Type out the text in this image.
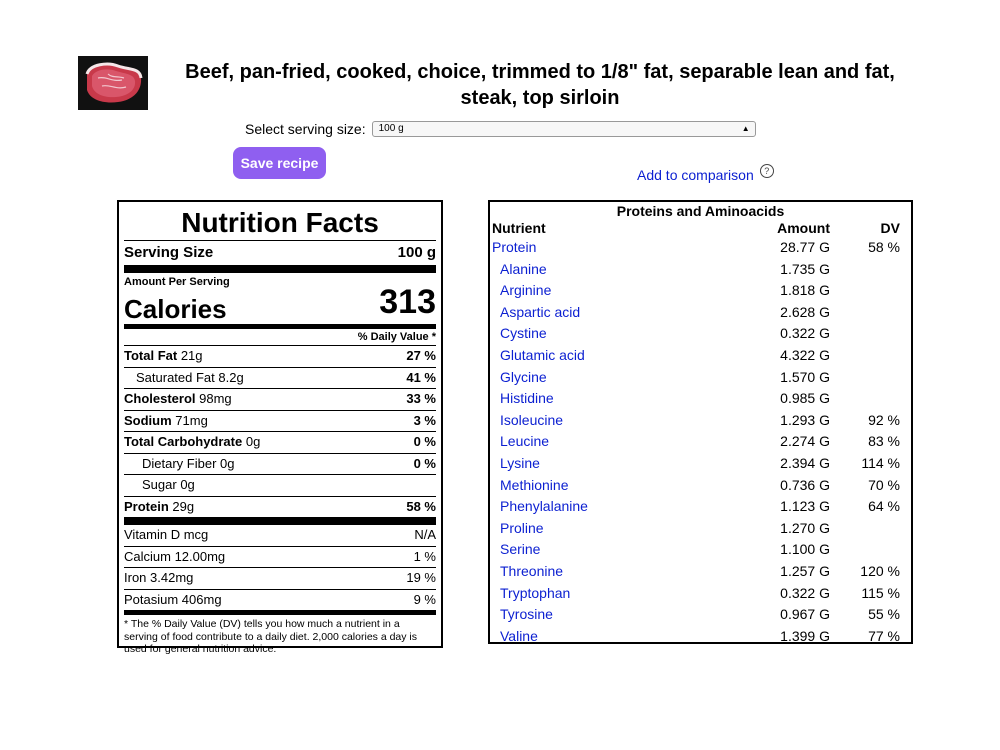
Beef, pan-fried, cooked, choice, trimmed to 1/8" fat, separable lean and fat, steak, top sirloin
Select serving size:	100 g	▲︎
Save recipe
Add to comparison	?
Nutrition Facts
Serving Size	100 g
Amount Per Serving
Calories	313
% Daily Value *
Total Fat 21g	27 %
Saturated Fat 8.2g	41 %
Cholesterol 98mg	33 %
Sodium 71mg	3 %
Total Carbohydrate 0g	0 %
Dietary Fiber 0g	0 %
Sugar 0g
Protein 29g	58 %
Vitamin D mcg	N/A
Calcium 12.00mg	1 %
Iron 3.42mg	19 %
Potasium 406mg	9 %
* The % Daily Value (DV) tells you how much a nutrient in a serving of food contribute to a daily diet. 2,000 calories a day is used for general nutrition advice.
Proteins and Aminoacids
Nutrient	Amount	DV
Protein	28.77 G	58 %
Alanine	1.735 G
Arginine	1.818 G
Aspartic acid	2.628 G
Cystine	0.322 G
Glutamic acid	4.322 G
Glycine	1.570 G
Histidine	0.985 G
Isoleucine	1.293 G	92 %
Leucine	2.274 G	83 %
Lysine	2.394 G	114 %
Methionine	0.736 G	70 %
Phenylalanine	1.123 G	64 %
Proline	1.270 G
Serine	1.100 G
Threonine	1.257 G	120 %
Tryptophan	0.322 G	115 %
Tyrosine	0.967 G	55 %
Valine	1.399 G	77 %
